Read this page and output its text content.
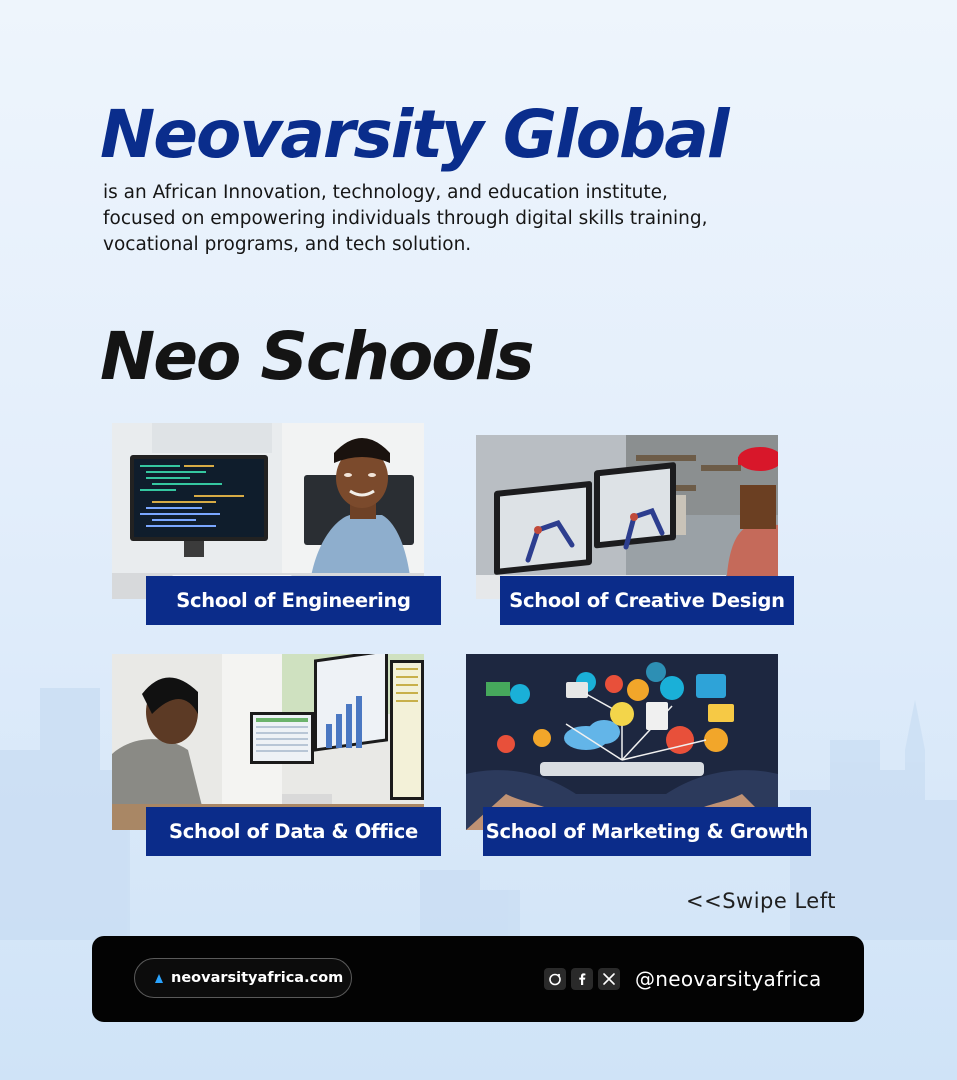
Neovarsity Global

is an African Innovation, technology, and education institute, focused on empowering individuals through digital skills training, vocational programs, and tech solution.

Neo Schools
School of Engineering	School of Creative Design
School of Data & Office	School of Marketing & Growth
<<Swipe Left
neovarsityafrica.com	@neovarsityafrica
